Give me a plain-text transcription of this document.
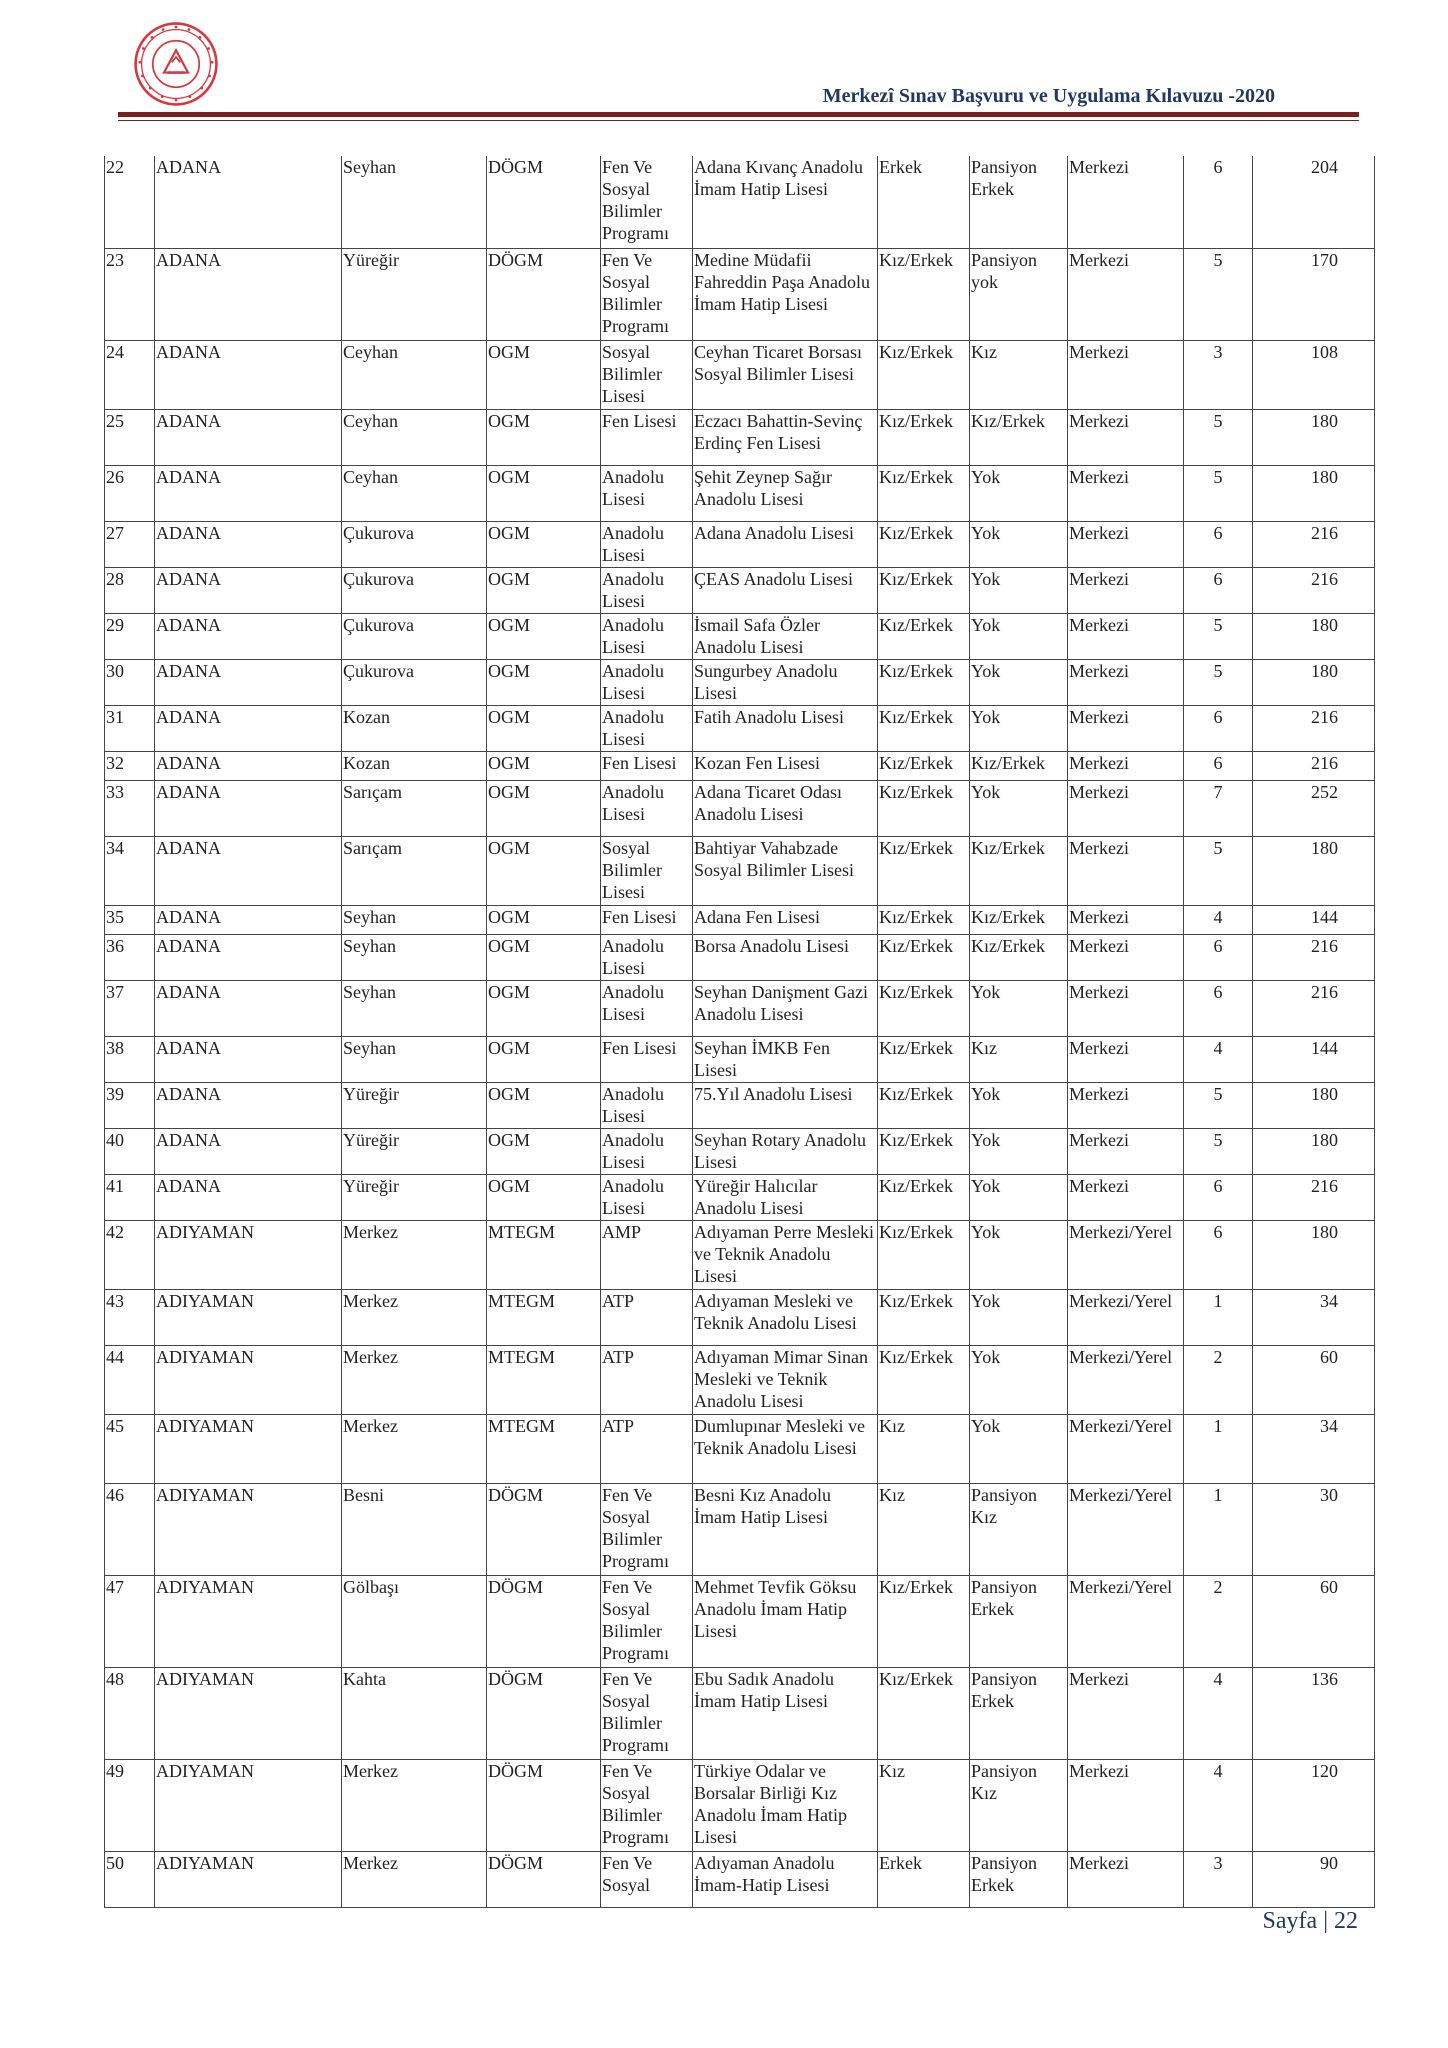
Merkezî Sınav Başvuru ve Uygulama Kılavuzu -2020
22	ADANA	Seyhan	DÖGM	Fen Ve Sosyal Bilimler Programı	Adana Kıvanç Anadolu İmam Hatip Lisesi	Erkek	Pansiyon Erkek	Merkezi	6	204
23	ADANA	Yüreğir	DÖGM	Fen Ve Sosyal Bilimler Programı	Medine Müdafii Fahreddin Paşa Anadolu İmam Hatip Lisesi	Kız/Erkek	Pansiyon yok	Merkezi	5	170
24	ADANA	Ceyhan	OGM	Sosyal Bilimler Lisesi	Ceyhan Ticaret Borsası Sosyal Bilimler Lisesi	Kız/Erkek	Kız	Merkezi	3	108
25	ADANA	Ceyhan	OGM	Fen Lisesi	Eczacı Bahattin-Sevinç Erdinç Fen Lisesi	Kız/Erkek	Kız/Erkek	Merkezi	5	180
26	ADANA	Ceyhan	OGM	Anadolu Lisesi	Şehit Zeynep Sağır Anadolu Lisesi	Kız/Erkek	Yok	Merkezi	5	180
27	ADANA	Çukurova	OGM	Anadolu Lisesi	Adana Anadolu Lisesi	Kız/Erkek	Yok	Merkezi	6	216
28	ADANA	Çukurova	OGM	Anadolu Lisesi	ÇEAS Anadolu Lisesi	Kız/Erkek	Yok	Merkezi	6	216
29	ADANA	Çukurova	OGM	Anadolu Lisesi	İsmail Safa Özler Anadolu Lisesi	Kız/Erkek	Yok	Merkezi	5	180
30	ADANA	Çukurova	OGM	Anadolu Lisesi	Sungurbey Anadolu Lisesi	Kız/Erkek	Yok	Merkezi	5	180
31	ADANA	Kozan	OGM	Anadolu Lisesi	Fatih Anadolu Lisesi	Kız/Erkek	Yok	Merkezi	6	216
32	ADANA	Kozan	OGM	Fen Lisesi	Kozan Fen Lisesi	Kız/Erkek	Kız/Erkek	Merkezi	6	216
33	ADANA	Sarıçam	OGM	Anadolu Lisesi	Adana Ticaret Odası Anadolu Lisesi	Kız/Erkek	Yok	Merkezi	7	252
34	ADANA	Sarıçam	OGM	Sosyal Bilimler Lisesi	Bahtiyar Vahabzade Sosyal Bilimler Lisesi	Kız/Erkek	Kız/Erkek	Merkezi	5	180
35	ADANA	Seyhan	OGM	Fen Lisesi	Adana Fen Lisesi	Kız/Erkek	Kız/Erkek	Merkezi	4	144
36	ADANA	Seyhan	OGM	Anadolu Lisesi	Borsa Anadolu Lisesi	Kız/Erkek	Kız/Erkek	Merkezi	6	216
37	ADANA	Seyhan	OGM	Anadolu Lisesi	Seyhan Danişment Gazi Anadolu Lisesi	Kız/Erkek	Yok	Merkezi	6	216
38	ADANA	Seyhan	OGM	Fen Lisesi	Seyhan İMKB Fen Lisesi	Kız/Erkek	Kız	Merkezi	4	144
39	ADANA	Yüreğir	OGM	Anadolu Lisesi	75.Yıl Anadolu Lisesi	Kız/Erkek	Yok	Merkezi	5	180
40	ADANA	Yüreğir	OGM	Anadolu Lisesi	Seyhan Rotary Anadolu Lisesi	Kız/Erkek	Yok	Merkezi	5	180
41	ADANA	Yüreğir	OGM	Anadolu Lisesi	Yüreğir Halıcılar Anadolu Lisesi	Kız/Erkek	Yok	Merkezi	6	216
42	ADIYAMAN	Merkez	MTEGM	AMP	Adıyaman Perre Mesleki ve Teknik Anadolu Lisesi	Kız/Erkek	Yok	Merkezi/Yerel	6	180
43	ADIYAMAN	Merkez	MTEGM	ATP	Adıyaman Mesleki ve Teknik Anadolu Lisesi	Kız/Erkek	Yok	Merkezi/Yerel	1	34
44	ADIYAMAN	Merkez	MTEGM	ATP	Adıyaman Mimar Sinan Mesleki ve Teknik Anadolu Lisesi	Kız/Erkek	Yok	Merkezi/Yerel	2	60
45	ADIYAMAN	Merkez	MTEGM	ATP	Dumlupınar Mesleki ve Teknik Anadolu Lisesi	Kız	Yok	Merkezi/Yerel	1	34
46	ADIYAMAN	Besni	DÖGM	Fen Ve Sosyal Bilimler Programı	Besni Kız Anadolu İmam Hatip Lisesi	Kız	Pansiyon Kız	Merkezi/Yerel	1	30
47	ADIYAMAN	Gölbaşı	DÖGM	Fen Ve Sosyal Bilimler Programı	Mehmet Tevfik Göksu Anadolu İmam Hatip Lisesi	Kız/Erkek	Pansiyon Erkek	Merkezi/Yerel	2	60
48	ADIYAMAN	Kahta	DÖGM	Fen Ve Sosyal Bilimler Programı	Ebu Sadık Anadolu İmam Hatip Lisesi	Kız/Erkek	Pansiyon Erkek	Merkezi	4	136
49	ADIYAMAN	Merkez	DÖGM	Fen Ve Sosyal Bilimler Programı	Türkiye Odalar ve Borsalar Birliği Kız Anadolu İmam Hatip Lisesi	Kız	Pansiyon Kız	Merkezi	4	120
50	ADIYAMAN	Merkez	DÖGM	Fen Ve Sosyal	Adıyaman Anadolu İmam-Hatip Lisesi	Erkek	Pansiyon Erkek	Merkezi	3	90
Sayfa | 22
